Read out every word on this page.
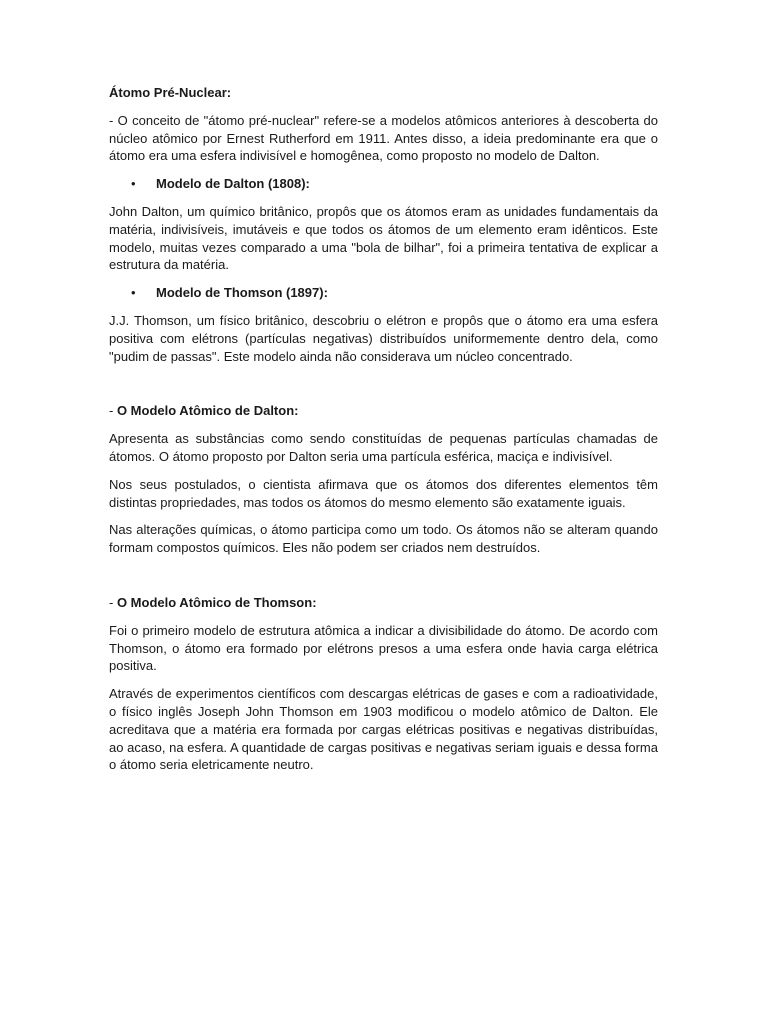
Átomo Pré-Nuclear:

- O conceito de "átomo pré-nuclear" refere-se a modelos atômicos anteriores à descoberta do núcleo atômico por Ernest Rutherford em 1911. Antes disso, a ideia predominante era que o átomo era uma esfera indivisível e homogênea, como proposto no modelo de Dalton.

• Modelo de Dalton (1808):

John Dalton, um químico britânico, propôs que os átomos eram as unidades fundamentais da matéria, indivisíveis, imutáveis e que todos os átomos de um elemento eram idênticos. Este modelo, muitas vezes comparado a uma "bola de bilhar", foi a primeira tentativa de explicar a estrutura da matéria.

• Modelo de Thomson (1897):

J.J. Thomson, um físico britânico, descobriu o elétron e propôs que o átomo era uma esfera positiva com elétrons (partículas negativas) distribuídos uniformemente dentro dela, como "pudim de passas". Este modelo ainda não considerava um núcleo concentrado.

- O Modelo Atômico de Dalton:

Apresenta as substâncias como sendo constituídas de pequenas partículas chamadas de átomos. O átomo proposto por Dalton seria uma partícula esférica, maciça e indivisível.

Nos seus postulados, o cientista afirmava que os átomos dos diferentes elementos têm distintas propriedades, mas todos os átomos do mesmo elemento são exatamente iguais.

Nas alterações químicas, o átomo participa como um todo. Os átomos não se alteram quando formam compostos químicos. Eles não podem ser criados nem destruídos.

- O Modelo Atômico de Thomson:

Foi o primeiro modelo de estrutura atômica a indicar a divisibilidade do átomo. De acordo com Thomson, o átomo era formado por elétrons presos a uma esfera onde havia carga elétrica positiva.

Através de experimentos científicos com descargas elétricas de gases e com a radioatividade, o físico inglês Joseph John Thomson em 1903 modificou o modelo atômico de Dalton. Ele acreditava que a matéria era formada por cargas elétricas positivas e negativas distribuídas, ao acaso, na esfera. A quantidade de cargas positivas e negativas seriam iguais e dessa forma o átomo seria eletricamente neutro.
